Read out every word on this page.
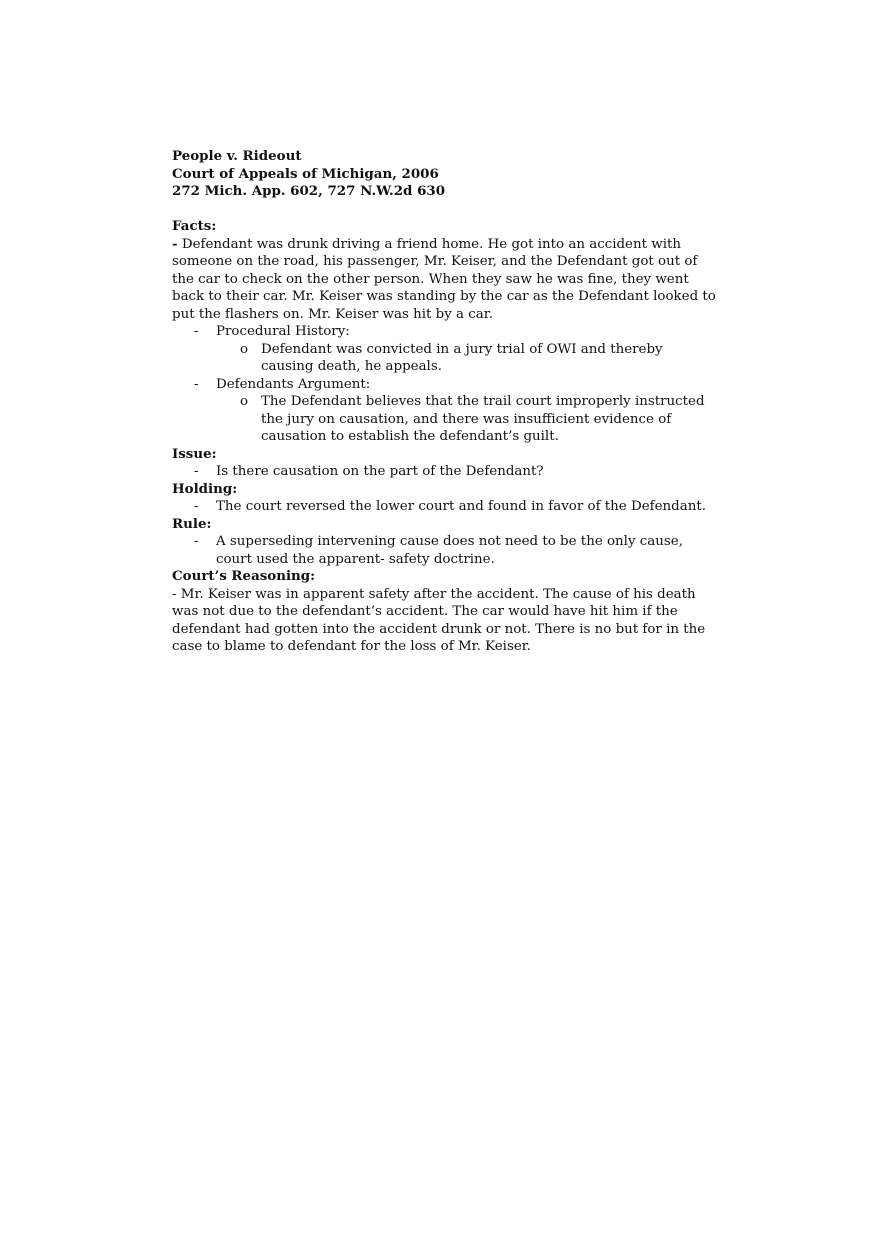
People v. Rideout
Court of Appeals of Michigan, 2006
272 Mich. App. 602, 727 N.W.2d 630
Facts:
- Defendant was drunk driving a friend home. He got into an accident with someone on the road, his passenger, Mr. Keiser, and the Defendant got out of the car to check on the other person. When they saw he was fine, they went back to their car. Mr. Keiser was standing by the car as the Defendant looked to put the flashers on. Mr. Keiser was hit by a car.
- Procedural History:
o Defendant was convicted in a jury trial of OWI and thereby causing death, he appeals.
- Defendants Argument:
o The Defendant believes that the trail court improperly instructed the jury on causation, and there was insufficient evidence of causation to establish the defendant’s guilt.
Issue:
- Is there causation on the part of the Defendant?
Holding:
- The court reversed the lower court and found in favor of the Defendant.
Rule:
- A superseding intervening cause does not need to be the only cause, court used the apparent- safety doctrine.
Court’s Reasoning:
- Mr. Keiser was in apparent safety after the accident. The cause of his death was not due to the defendant’s accident. The car would have hit him if the defendant had gotten into the accident drunk or not. There is no but for in the case to blame to defendant for the loss of Mr. Keiser.
